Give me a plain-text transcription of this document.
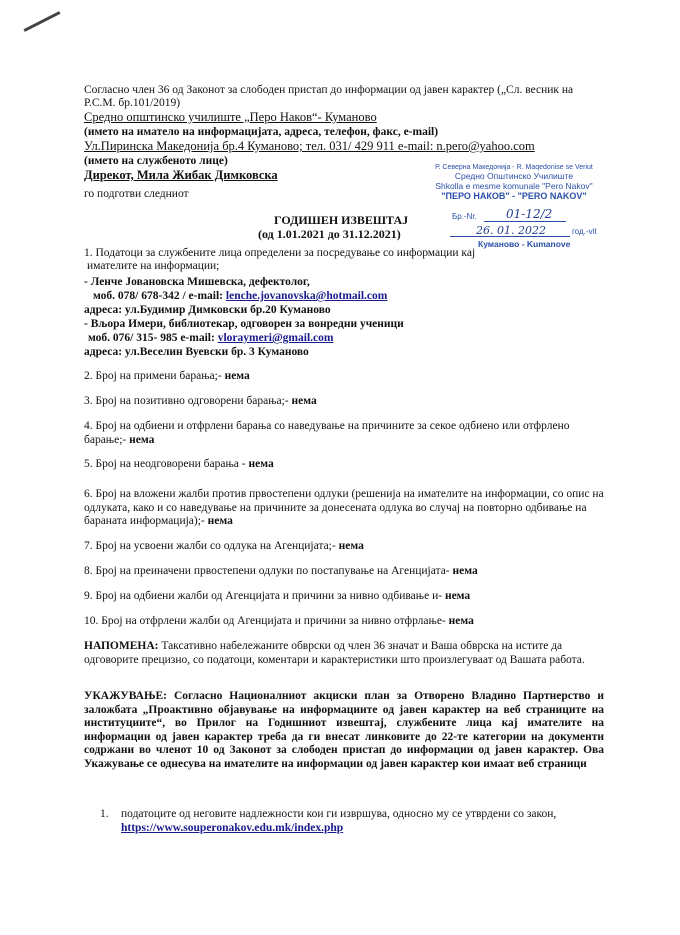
Согласно член 36 од Законот за слободен пристап до информации од јавен карактер („Сл. весник на
Р.С.М. бр.101/2019)
Средно општинско училиште „Перо Наков“- Куманово
(името на иматело на информацијата, адреса, телефон, факс, e-mail)
Ул.Пиринска Македонија бр.4 Куманово; тел. 031/ 429 911 e-mail: n.pero@yahoo.com
(името на службеното лице)
Дирекот, Мила Жибак Димковска
го подготви следниот
ГОДИШЕН ИЗВЕШТАЈ
(од 1.01.2021 до 31.12.2021)
Р. Северна Македонија - R. Maqedonise se Veriut
Средно Општинско Училиште
Shkolla e mesme komunale "Pero Nakov"
"ПЕРО НАКОВ" - "PERO NAKOV"
Бр.-Nr. 01-12/2
26. 01. 2022	год.-vit
Куманово - Kumanove
1. Податоци за службените лица определени за посредување со информации кај
имателите на информации;
- Ленче Јовановска Мишевска, дефектолог,
моб. 078/ 678-342 / e-mail: lenche.jovanovska@hotmail.com
адреса: ул.Будимир Димковски бр.20 Куманово
- Вљора Имери, библиотекар, одговорен за вонредни ученици
моб. 076/ 315- 985 e-mail: vloraymeri@gmail.com
адреса: ул.Веселин Вуевски бр. 3 Куманово
2. Број на примени барања;- нема
3. Број на позитивно одговорени барања;- нема
4. Број на одбиени и отфрлени барања со наведување на причините за секое одбиено или отфрлено барање;- нема
5. Број на неодговорени барања - нема
6. Број на вложени жалби против првостепени одлуки (решенија на имателите на информации, со опис на одлуката, како и со наведување на причините за донесената одлука во случај на повторно одбивање на бараната информација);- нема
7. Број на усвоени жалби со одлука на Агенцијата;- нема
8. Број на преиначени првостепени одлуки по постапување на Агенцијата- нема
9. Број на одбиени жалби од Агенцијата и причини за нивно одбивање и- нема
10. Број на отфрлени жалби од Агенцијата и причини за нивно отфрлање- нема
НАПОМЕНА: Таксативно набележаните обврски од член 36 значат и Ваша обврска на истите да одговорите прецизно, со податоци, коментари и карактеристики што произлегуваат од Вашата работа.
УКАЖУВАЊЕ: Согласно Националниот акциски план за Отворено Владино Партнерство и заложбата „Проактивно објавување на информациите од јавен карактер на веб страниците на институциите“, во Прилог на Годишниот извештај, службените лица кај имателите на информации од јавен карактер треба да ги внесат линковите до 22-те категории на документи содржани во членот 10 од Законот за слободен пристап до информации од јавен карактер. Ова Укажување се однесува на имателите на информации од јавен карактер кои имаат веб страници
1. податоците од неговите надлежности кои ги извршува, односно му се утврдени со закон,
https://www.souperonakov.edu.mk/index.php
